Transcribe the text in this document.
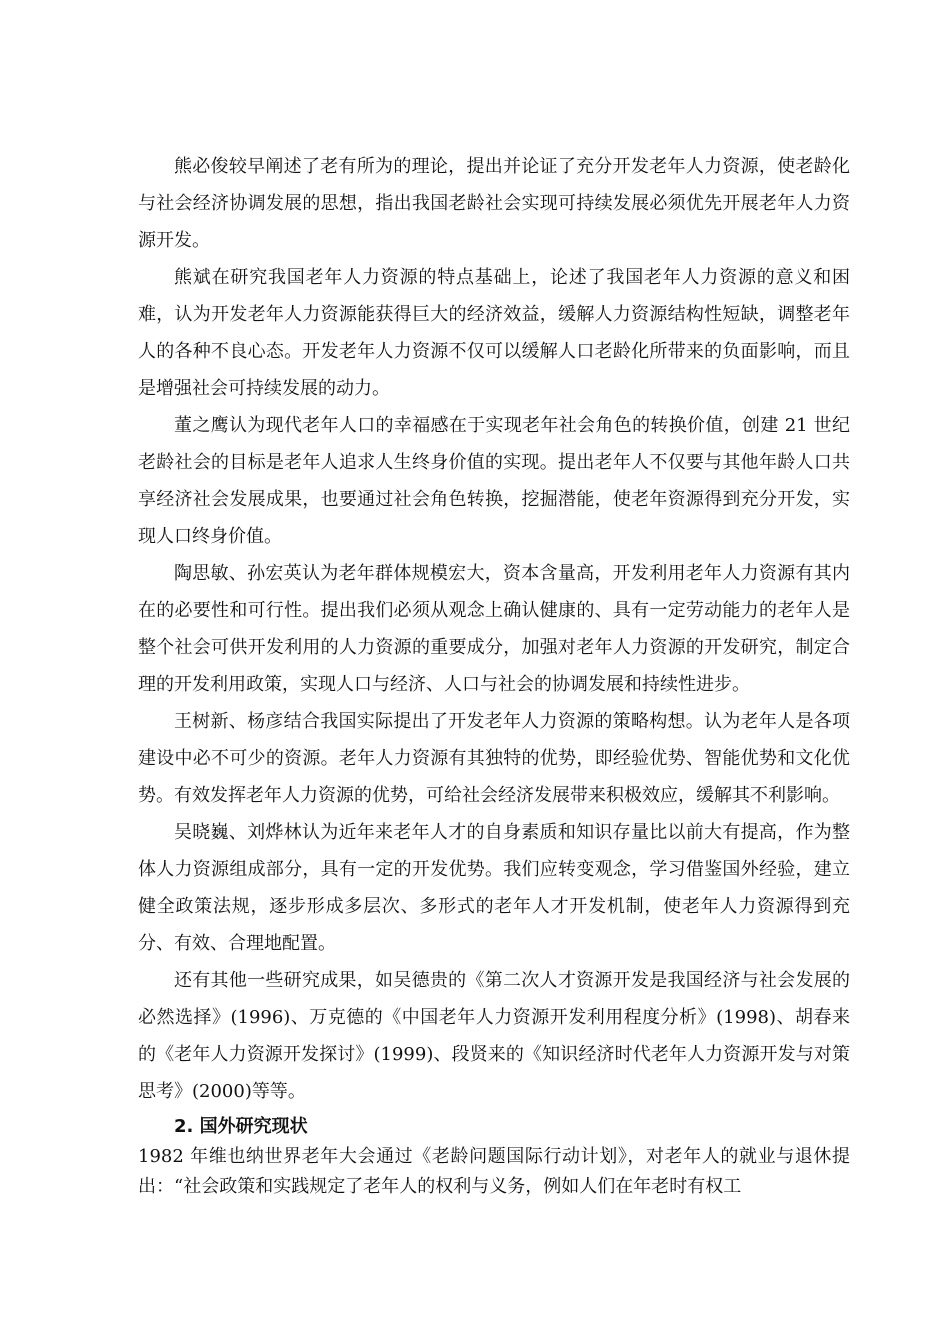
熊必俊较早阐述了老有所为的理论，提出并论证了充分开发老年人力资源，使老龄化与社会经济协调发展的思想，指出我国老龄社会实现可持续发展必须优先开展老年人力资源开发。

熊斌在研究我国老年人力资源的特点基础上，论述了我国老年人力资源的意义和困难，认为开发老年人力资源能获得巨大的经济效益，缓解人力资源结构性短缺，调整老年人的各种不良心态。开发老年人力资源不仅可以缓解人口老龄化所带来的负面影响，而且是增强社会可持续发展的动力。

董之鹰认为现代老年人口的幸福感在于实现老年社会角色的转换价值，创建 21 世纪老龄社会的目标是老年人追求人生终身价值的实现。提出老年人不仅要与其他年龄人口共享经济社会发展成果，也要通过社会角色转换，挖掘潜能，使老年资源得到充分开发，实现人口终身价值。

陶思敏、孙宏英认为老年群体规模宏大，资本含量高，开发利用老年人力资源有其内在的必要性和可行性。提出我们必须从观念上确认健康的、具有一定劳动能力的老年人是整个社会可供开发利用的人力资源的重要成分，加强对老年人力资源的开发研究，制定合理的开发利用政策，实现人口与经济、人口与社会的协调发展和持续性进步。

王树新、杨彦结合我国实际提出了开发老年人力资源的策略构想。认为老年人是各项建设中必不可少的资源。老年人力资源有其独特的优势，即经验优势、智能优势和文化优势。有效发挥老年人力资源的优势，可给社会经济发展带来积极效应，缓解其不利影响。

吴晓巍、刘烨林认为近年来老年人才的自身素质和知识存量比以前大有提高，作为整体人力资源组成部分，具有一定的开发优势。我们应转变观念，学习借鉴国外经验，建立健全政策法规，逐步形成多层次、多形式的老年人才开发机制，使老年人力资源得到充分、有效、合理地配置。

还有其他一些研究成果，如吴德贵的《第二次人才资源开发是我国经济与社会发展的必然选择》(1996)、万克德的《中国老年人力资源开发利用程度分析》(1998)、胡春来的《老年人力资源开发探讨》(1999)、段贤来的《知识经济时代老年人力资源开发与对策思考》(2000)等等。

2. 国外研究现状

1982 年维也纳世界老年大会通过《老龄问题国际行动计划》，对老年人的就业与退休提出：“社会政策和实践规定了老年人的权利与义务，例如人们在年老时有权工
